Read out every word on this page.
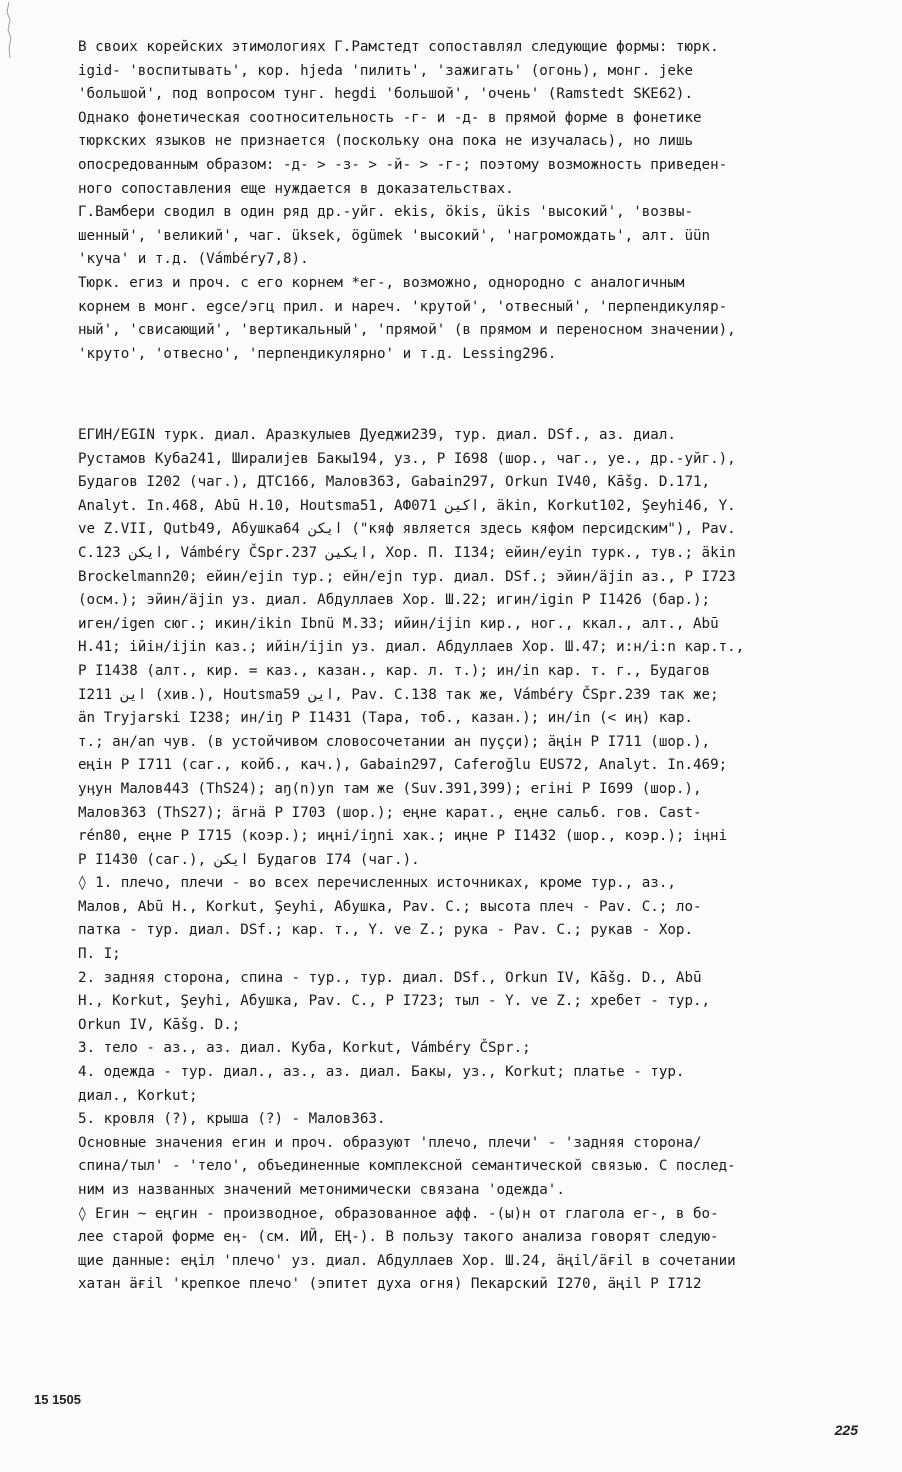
В своих корейских этимологиях Г.Рамстедт сопоставлял следующие формы: тюрк.
igid- 'воспитывать', кор. hjeda 'пилить', 'зажигать' (огонь), монг. jeke
'большой', под вопросом тунг. hegdi 'большой', 'очень' (Ramstedt SKE62).

Однако фонетическая соотносительность -г- и -д- в прямой форме в фонетике
тюркских языков не признается (поскольку она пока не изучалась), но лишь
опосредованным образом: -д- > -з- > -й- > -г-; поэтому возможность приведен-
ного сопоставления еще нуждается в доказательствах.

Г.Вамбери сводил в один ряд др.-уйг. ekis, ökis, ükis 'высокий', 'возвы-
шенный', 'великий', чаг. üksek, ögümek 'высокий', 'нагромождать', алт. üün
'куча' и т.д. (Vámbéry7,8).

Тюрк. егиз и проч. с его корнем *ег-, возможно, однородно с аналогичным
корнем в монг. egce/эгц прил. и нареч. 'крутой', 'отвесный', 'перпендикуляр-
ный', 'свисающий', 'вертикальный', 'прямой' (в прямом и переносном значении),
'круто', 'отвесно', 'перпендикулярно' и т.д. Lessing296.

ЕГИН/EGIN турк. диал. Аразкулыев Дуеджи239, тур. диал. DSf., аз. диал.
Рустамов Куба241, Ширалиjев Бакы194, уз., Р I698 (шор., чаг., уе., др.-уйг.),
Будагов I202 (чаг.), ДТС166, Малов363, Gabain297, Orkun IV40, Kāšg. D.171,
Analyt. In.468, Abū H.10, Houtsma51, АФ071 اكين, äkin, Korkut102, Şeyhi46, Y.
ve Z.VII, Qutb49, Абушка64 ايكن ("кяф является здесь кяфом персидским"), Pav.
C.123 ايكن, Vámbéry ČSpr.237 ايكين, Хор. П. I134; ейин/eyin турк., тув.; äkin
Brockelmann20; ейин/ejin тур.; ейн/ejn тур. диал. DSf.; эйин/äjin аз., Р I723
(осм.); эйин/äjin уз. диал. Абдуллаев Хор. Ш.22; игин/igin Р I1426 (бар.);
иген/igen сюг.; икин/ikin Ibnü M.33; ийин/ijin кир., ног., ккал., алт., Abū
H.41; ійін/ijin каз.; ийін/ijin уз. диал. Абдуллаев Хор. Ш.47; и:н/i:n кар.т.,
Р I1438 (алт., кир. = каз., казан., кар. л. т.); ин/in кар. т. г., Будагов
I211 اين (хив.), Houtsma59 اين, Pav. C.138 так же, Vámbéry ČSpr.239 так же;
ӓn Tryjarski I238; ин/iŋ Р I1431 (Тара, тоб., казан.); ин/in (< иӊ) кар.
т.; ан/an чув. (в устойчивом словосочетании ан пуҫҫи); ӓңін Р I711 (шор.),
еңін Р I711 (саг., койб., кач.), Gabain297, Caferoğlu EUS72, Analyt. In.469;
уӊун Малов443 (ThS24); aŋ(n)yn там же (Suv.391,399); егіні Р I699 (шор.),
Малов363 (ThS27); ӓгнӓ Р I703 (шор.); еңне карат., еңне сальб. гов. Cast-
rén80, еңне Р I715 (коэр.); иңні/iŋni хак.; иңне Р I1432 (шор., коэр.); іӊні
Р I1430 (саг.), ايكن Будагов I74 (чаг.).

◊ 1. плечо, плечи - во всех перечисленных источниках, кроме тур., аз.,
Малов, Abū H., Korkut, Şeyhi, Абушка, Pav. C.; высота плеч - Pav. C.; ло-
патка - тур. диал. DSf.; кар. т., Y. ve Z.; рука - Pav. C.; рукав - Хор.
П. I;

2. задняя сторона, спина - тур., тур. диал. DSf., Orkun IV, Kāšg. D., Abū
H., Korkut, Şeyhi, Абушка, Pav. C., Р I723; тыл - Y. ve Z.; хребет - тур.,
Orkun IV, Kāšg. D.;

3. тело - аз., аз. диал. Куба, Korkut, Vámbéry ČSpr.;

4. одежда - тур. диал., аз., аз. диал. Бакы, уз., Korkut; платье - тур.
диал., Korkut;

5. кровля (?), крыша (?) - Малов363.

Основные значения егин и проч. образуют 'плечо, плечи' - 'задняя сторона/
спина/тыл' - 'тело', объединенные комплексной семантической связью. С послед-
ним из названных значений метонимически связана 'одежда'.

◊ Егин ~ еңгин - производное, образованное афф. -(ы)н от глагола ег-, в бо-
лее старой форме еӊ- (см. ИЙ, ЕҢ-). В пользу такого анализа говорят следую-
щие данные: еңіл 'плечо' уз. диал. Абдуллаев Хор. Ш.24, ӓңil/ӓғil в сочетании
хатан ӓғil 'крепкое плечо' (эпитет духа огня) Пекарский I270, ӓңil Р I712

15 1505
225
